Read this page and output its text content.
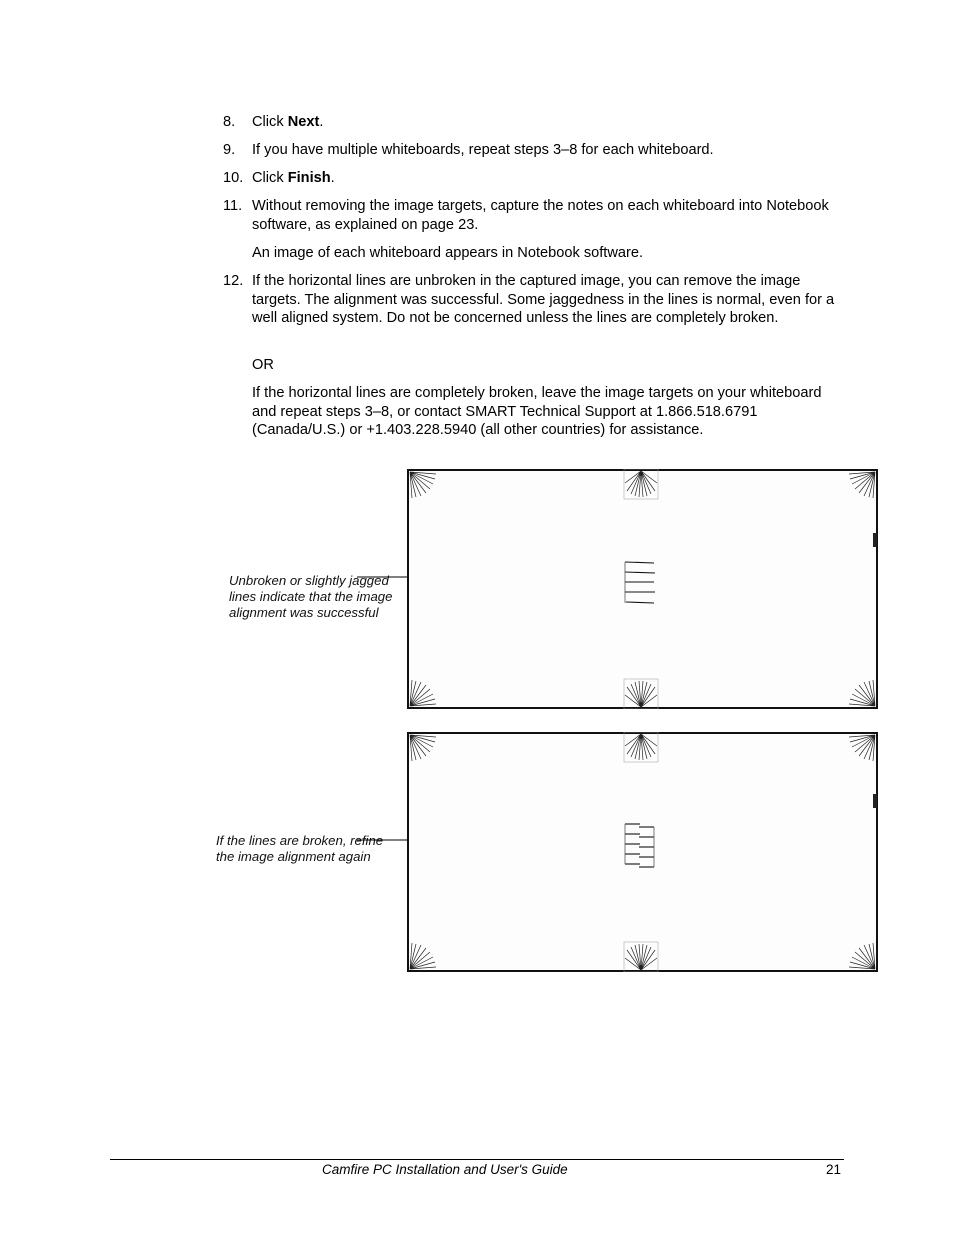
8. Click Next.
9. If you have multiple whiteboards, repeat steps 3–8 for each whiteboard.
10. Click Finish.
11. Without removing the image targets, capture the notes on each whiteboard into Notebook software, as explained on page 23.
An image of each whiteboard appears in Notebook software.
12. If the horizontal lines are unbroken in the captured image, you can remove the image targets. The alignment was successful. Some jaggedness in the lines is normal, even for a well aligned system. Do not be concerned unless the lines are completely broken.
OR
If the horizontal lines are completely broken, leave the image targets on your whiteboard and repeat steps 3–8, or contact SMART Technical Support at 1.866.518.6791 (Canada/U.S.) or +1.403.228.5940 (all other countries) for assistance.
Unbroken or slightly jagged lines indicate that the image alignment was successful
If the lines are broken, refine the image alignment again
Camfire PC Installation and User's Guide	21
